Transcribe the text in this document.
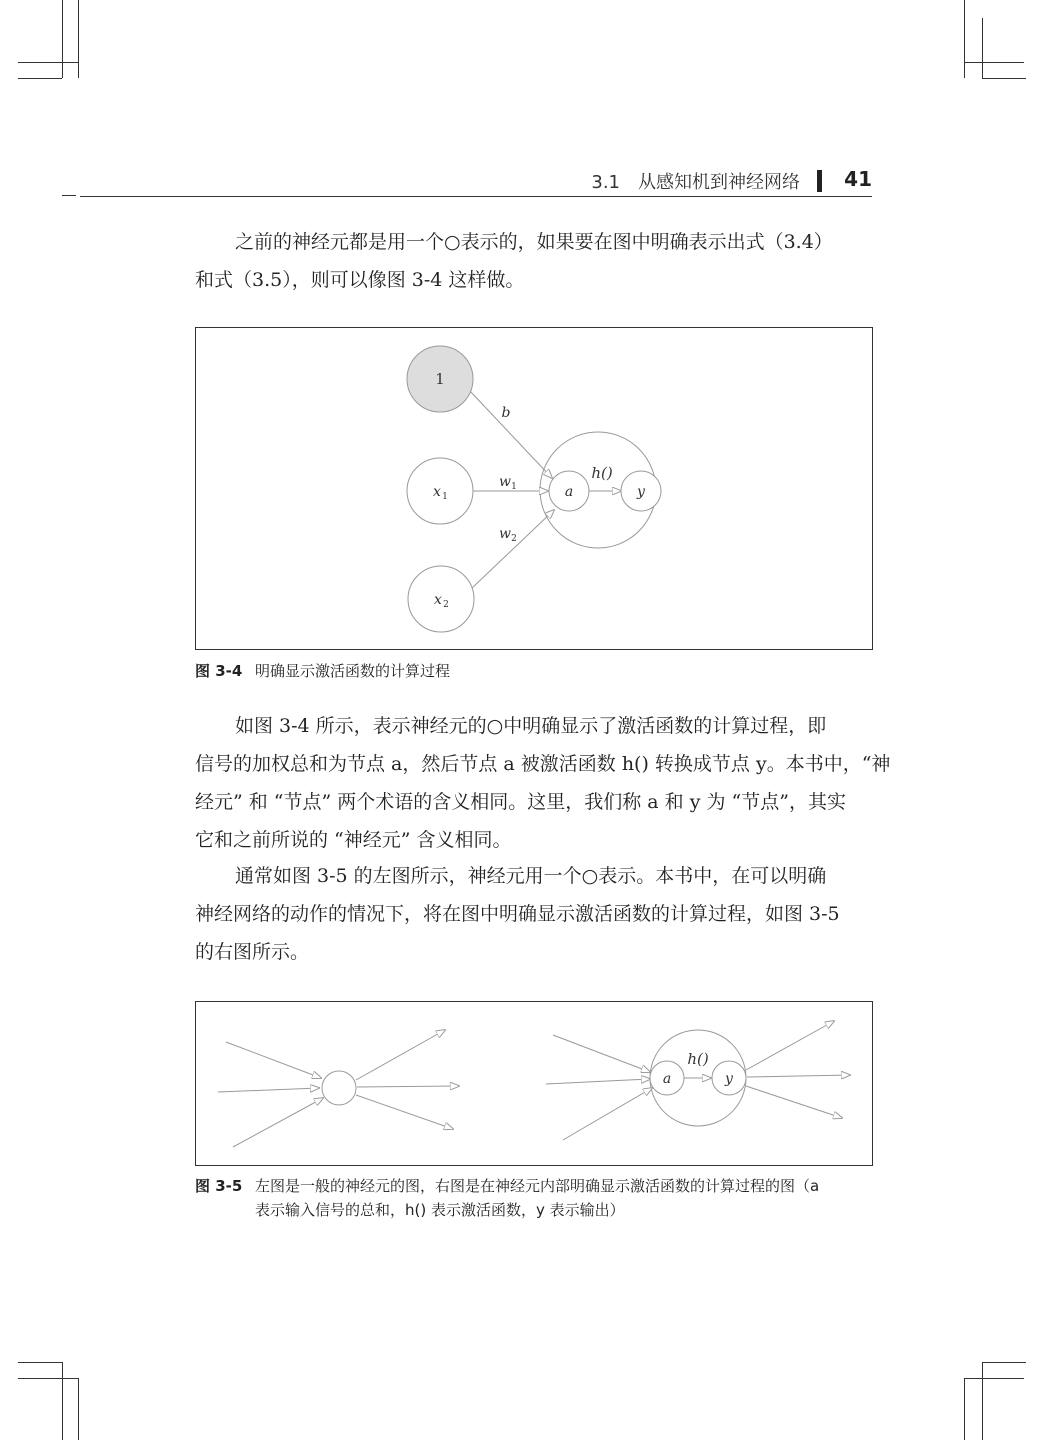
3.1　从感知机到神经网络 41

之前的神经元都是用一个○表示的，如果要在图中明确表示出式（3.4）
和式（3.5），则可以像图 3-4 这样做。

1
b
x 1
x 2
w 1
w 2
a	y
h()
图 3-4 明确显示激活函数的计算过程

如图 3-4 所示，表示神经元的○中明确显示了激活函数的计算过程，即
信号的加权总和为节点 a，然后节点 a 被激活函数 h() 转换成节点 y。本书中，“神
经元” 和 “节点” 两个术语的含义相同。这里，我们称 a 和 y 为 “节点”，其实
它和之前所说的 “神经元” 含义相同。

通常如图 3-5 的左图所示，神经元用一个○表示。本书中，在可以明确
神经网络的动作的情况下，将在图中明确显示激活函数的计算过程，如图 3-5
的右图所示。

a	y
h()
图 3-5 左图是一般的神经元的图，右图是在神经元内部明确显示激活函数的计算过程的图（a
表示输入信号的总和，h() 表示激活函数，y 表示输出）
